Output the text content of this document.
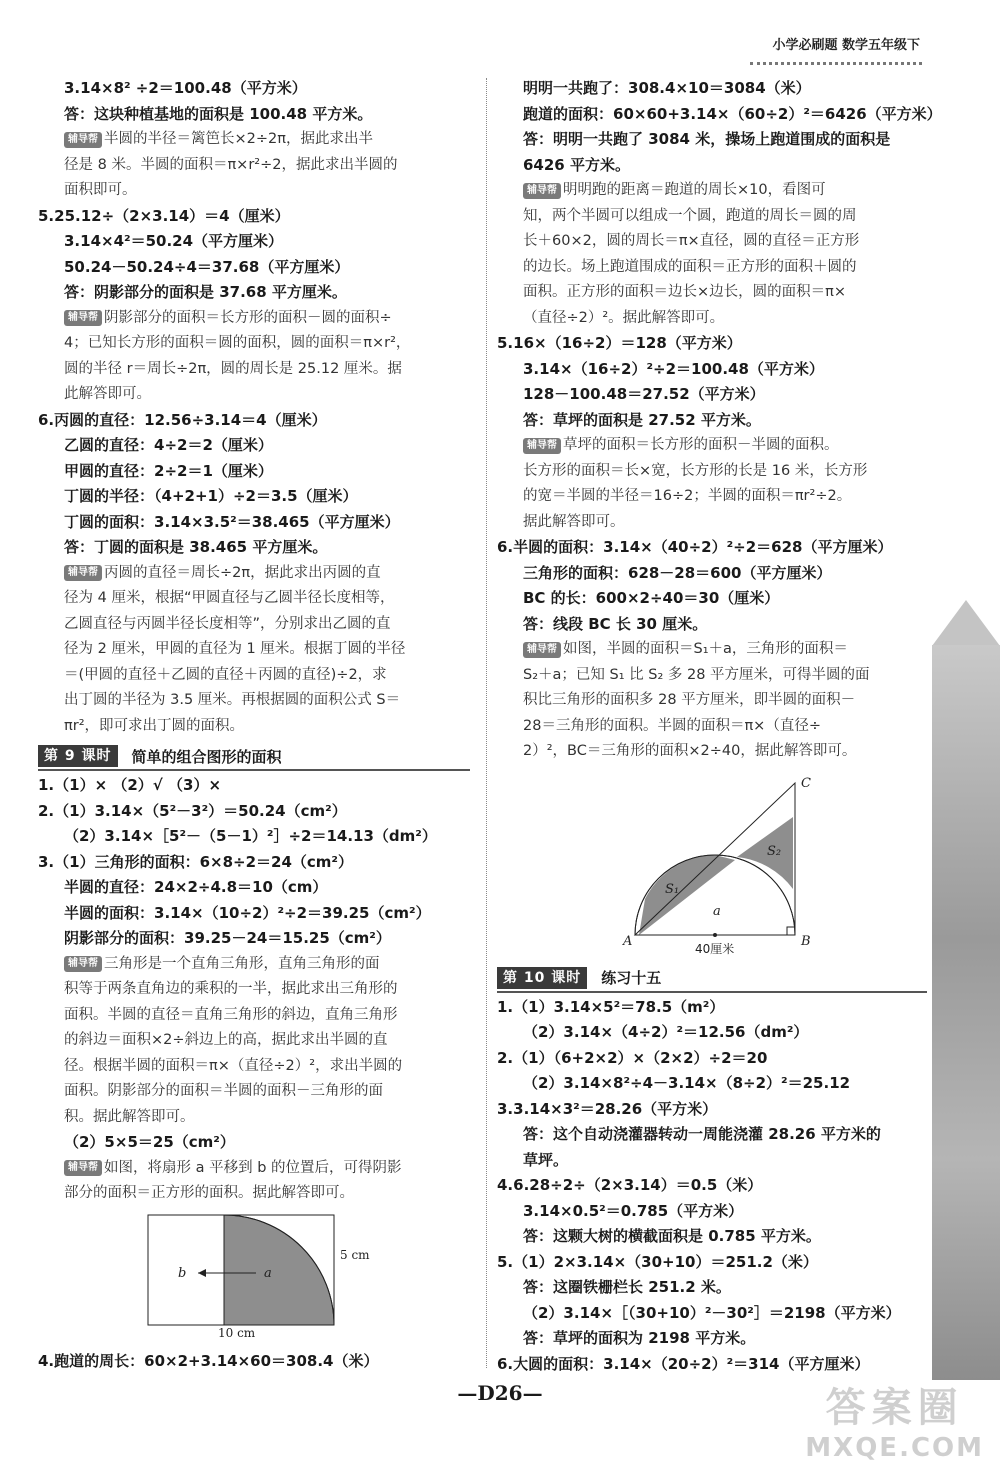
小学必刷题 数学五年级下
3.14×8² ÷2＝100.48（平方米）
答：这块种植基地的面积是 100.48 平方米。
辅导帮 半圆的半径＝篱笆长×2÷2π，据此求出半
径是 8 米。半圆的面积＝π×r²÷2，据此求出半圆的
面积即可。
5.25.12÷（2×3.14）＝4（厘米）
3.14×4²＝50.24（平方厘米）
50.24－50.24÷4＝37.68（平方厘米）
答：阴影部分的面积是 37.68 平方厘米。
辅导帮 阴影部分的面积＝长方形的面积－圆的面积÷
4；已知长方形的面积＝圆的面积，圆的面积＝π×r²，
圆的半径 r＝周长÷2π，圆的周长是 25.12 厘米。据
此解答即可。
6.丙圆的直径：12.56÷3.14＝4（厘米）
乙圆的直径：4÷2＝2（厘米）
甲圆的直径：2÷2＝1（厘米）
丁圆的半径：（4+2+1）÷2＝3.5（厘米）
丁圆的面积：3.14×3.5²＝38.465（平方厘米）
答：丁圆的面积是 38.465 平方厘米。
辅导帮 丙圆的直径＝周长÷2π，据此求出丙圆的直
径为 4 厘米，根据“甲圆直径与乙圆半径长度相等，
乙圆直径与丙圆半径长度相等”，分别求出乙圆的直
径为 2 厘米，甲圆的直径为 1 厘米。根据丁圆的半径
＝(甲圆的直径＋乙圆的直径＋丙圆的直径)÷2，求
出丁圆的半径为 3.5 厘米。再根据圆的面积公式 S＝
πr²，即可求出丁圆的面积。
第 9 课时	简单的组合图形的面积
1.（1）× （2）√ （3）×
2.（1）3.14×（5²－3²）＝50.24（cm²）
（2）3.14×［5²－（5－1）²］÷2＝14.13（dm²）
3.（1）三角形的面积：6×8÷2＝24（cm²）
半圆的直径：24×2÷4.8＝10（cm）
半圆的面积：3.14×（10÷2）²÷2＝39.25（cm²）
阴影部分的面积：39.25－24＝15.25（cm²）
辅导帮 三角形是一个直角三角形，直角三角形的面
积等于两条直角边的乘积的一半，据此求出三角形的
面积。半圆的直径＝直角三角形的斜边，直角三角形
的斜边＝面积×2÷斜边上的高，据此求出半圆的直
径。根据半圆的面积＝π×（直径÷2）²，求出半圆的
面积。阴影部分的面积＝半圆的面积－三角形的面
积。据此解答即可。
（2）5×5＝25（cm²）
辅导帮 如图，将扇形 a 平移到 b 的位置后，可得阴影
部分的面积＝正方形的面积。据此解答即可。
b	a
5 cm
10 cm
4.跑道的周长：60×2+3.14×60＝308.4（米）
明明一共跑了：308.4×10＝3084（米）
跑道的面积：60×60+3.14×（60÷2）²＝6426（平方米）
答：明明一共跑了 3084 米，操场上跑道围成的面积是
6426 平方米。
辅导帮 明明跑的距离＝跑道的周长×10，看图可
知，两个半圆可以组成一个圆，跑道的周长＝圆的周
长＋60×2，圆的周长＝π×直径，圆的直径＝正方形
的边长。场上跑道围成的面积＝正方形的面积＋圆的
面积。正方形的面积＝边长×边长，圆的面积＝π×
（直径÷2）²。据此解答即可。
5.16×（16÷2）＝128（平方米）
3.14×（16÷2）²÷2＝100.48（平方米）
128－100.48＝27.52（平方米）
答：草坪的面积是 27.52 平方米。
辅导帮 草坪的面积＝长方形的面积－半圆的面积。
长方形的面积＝长×宽，长方形的长是 16 米，长方形
的宽＝半圆的半径＝16÷2；半圆的面积＝πr²÷2。
据此解答即可。
6.半圆的面积：3.14×（40÷2）²÷2＝628（平方厘米）
三角形的面积：628－28＝600（平方厘米）
BC 的长：600×2÷40＝30（厘米）
答：线段 BC 长 30 厘米。
辅导帮 如图，半圆的面积＝S₁＋a，三角形的面积＝
S₂＋a；已知 S₁ 比 S₂ 多 28 平方厘米，可得半圆的面
积比三角形的面积多 28 平方厘米，即半圆的面积－
28＝三角形的面积。半圆的面积＝π×（直径÷
2）²，BC＝三角形的面积×2÷40，据此解答即可。
A	B
C
S₁
S₂
a
40厘米
第 10 课时	练习十五
1.（1）3.14×5²＝78.5（m²）
（2）3.14×（4÷2）²＝12.56（dm²）
2.（1）（6+2×2）×（2×2）÷2＝20
（2）3.14×8²÷4－3.14×（8÷2）²＝25.12
3.3.14×3²＝28.26（平方米）
答：这个自动浇灌器转动一周能浇灌 28.26 平方米的
草坪。
4.6.28÷2÷（2×3.14）＝0.5（米）
3.14×0.5²＝0.785（平方米）
答：这颗大树的横截面积是 0.785 平方米。
5.（1）2×3.14×（30+10）＝251.2（米）
答：这圈铁栅栏长 251.2 米。
（2）3.14×［（30+10）²－30²］＝2198（平方米）
答：草坪的面积为 2198 平方米。
6.大圆的面积：3.14×（20÷2）²＝314（平方厘米）
—D26—	答案圈
MXQE.COM
